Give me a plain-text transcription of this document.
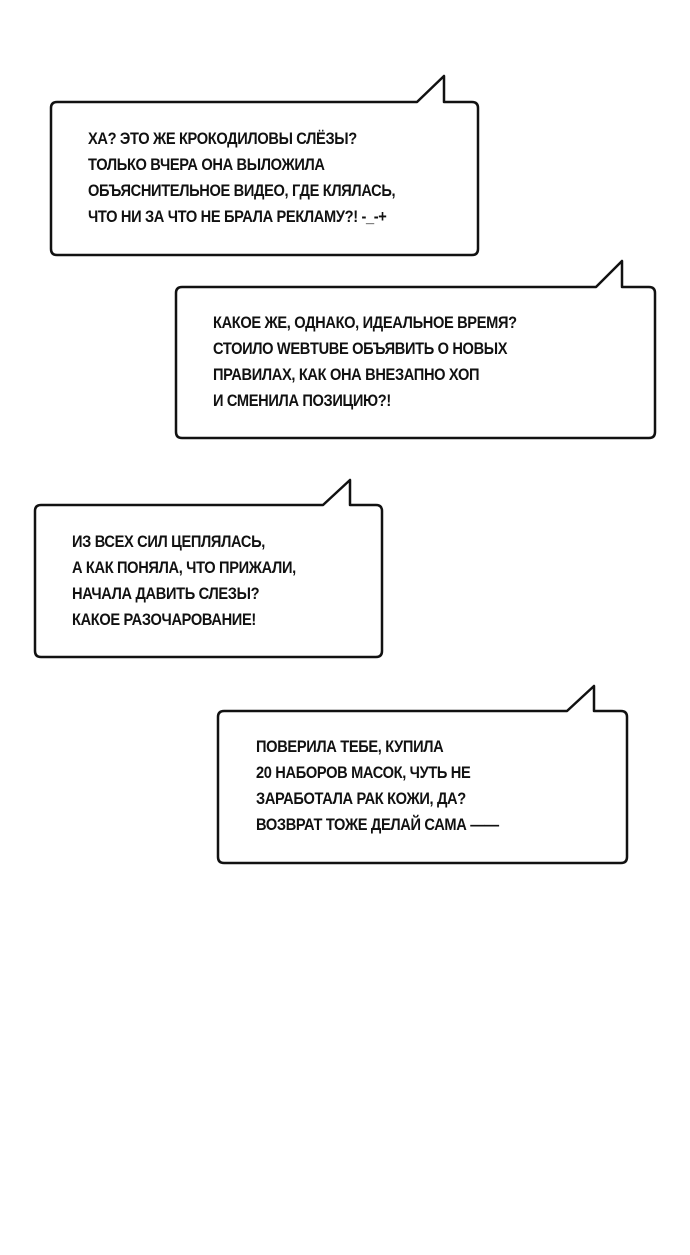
ХА? ЭТО ЖЕ КРОКОДИЛОВЫ СЛЁЗЫ?
ТОЛЬКО ВЧЕРА ОНА ВЫЛОЖИЛА
ОБЪЯСНИТЕЛЬНОЕ ВИДЕО, ГДЕ КЛЯЛАСЬ,
ЧТО НИ ЗА ЧТО НЕ БРАЛА РЕКЛАМУ?! -_-+
КАКОЕ ЖЕ, ОДНАКО, ИДЕАЛЬНОЕ ВРЕМЯ?
СТОИЛО WEBTUBE ОБЪЯВИТЬ О НОВЫХ
ПРАВИЛАХ, КАК ОНА ВНЕЗАПНО ХОП
И СМЕНИЛА ПОЗИЦИЮ?!
ИЗ ВСЕХ СИЛ ЦЕПЛЯЛАСЬ,
А КАК ПОНЯЛА, ЧТО ПРИЖАЛИ,
НАЧАЛА ДАВИТЬ СЛЕЗЫ?
КАКОЕ РАЗОЧАРОВАНИЕ!
ПОВЕРИЛА ТЕБЕ, КУПИЛА
20 НАБОРОВ МАСОК, ЧУТЬ НЕ
ЗАРАБОТАЛА РАК КОЖИ, ДА?
ВОЗВРАТ ТОЖЕ ДЕЛАЙ САМА ——
